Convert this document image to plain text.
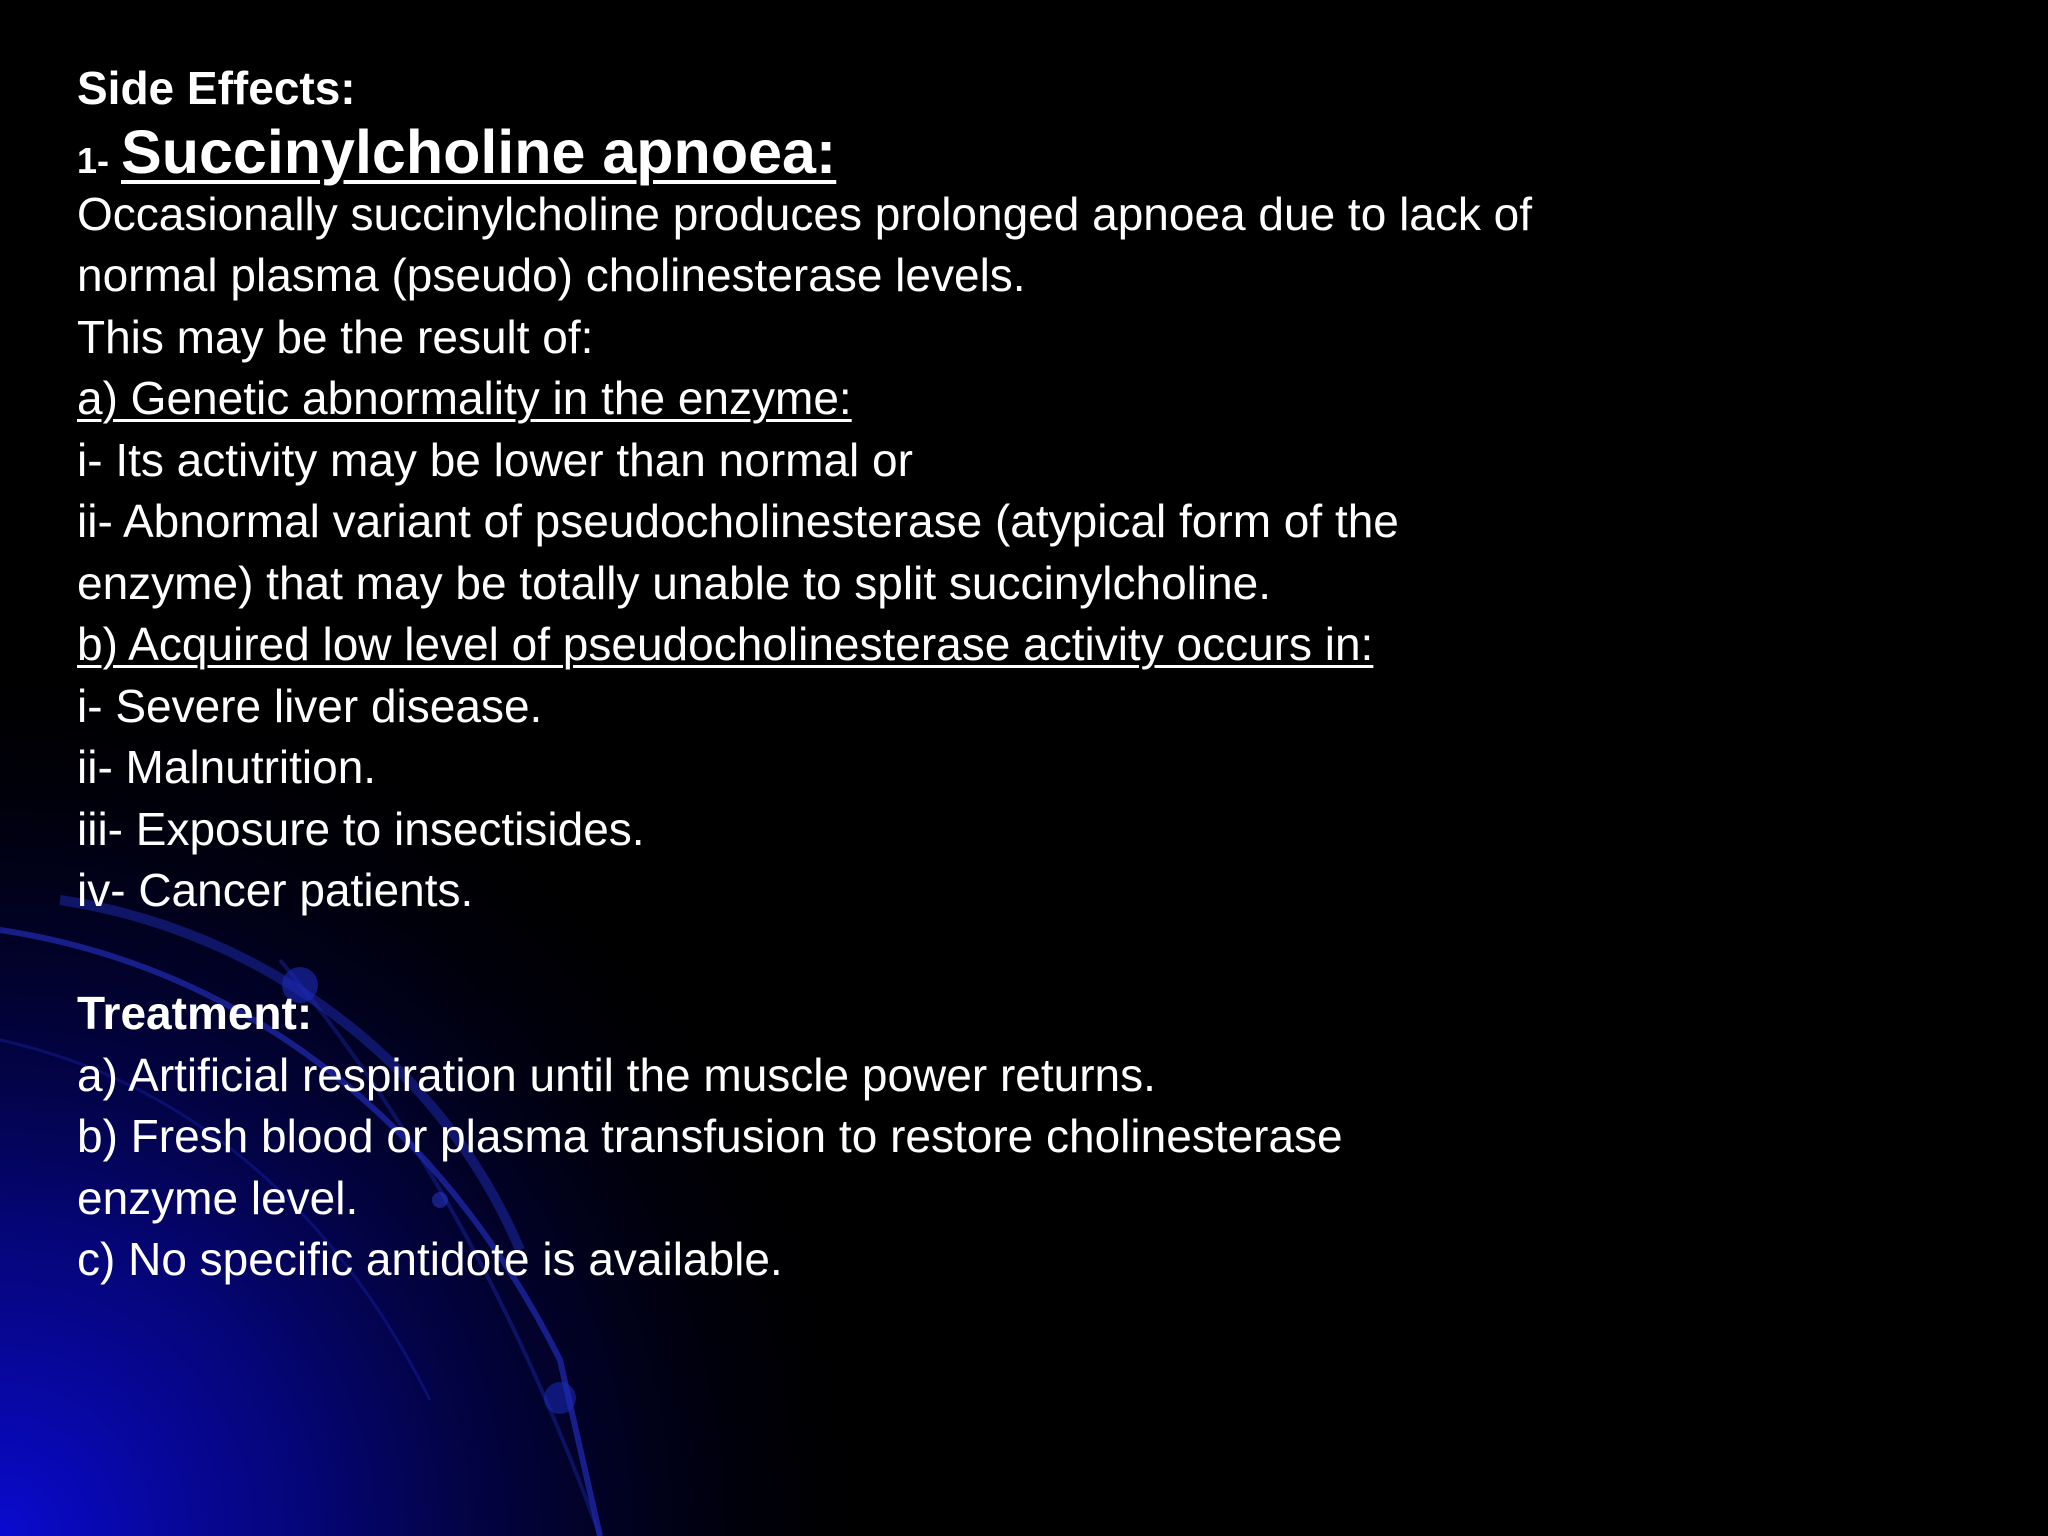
Side Effects:
1- Succinylcholine apnoea:
Occasionally succinylcholine produces prolonged apnoea due to lack of
normal plasma (pseudo) cholinesterase levels.
This may be the result of:
a) Genetic abnormality in the enzyme:
i- Its activity may be lower than normal or
ii- Abnormal variant of pseudocholinesterase (atypical form of the
enzyme) that may be totally unable to split succinylcholine.
b) Acquired low level of pseudocholinesterase activity occurs in:
i- Severe liver disease.
ii- Malnutrition.
iii- Exposure to insectisides.
iv- Cancer patients.
Treatment:
a) Artificial respiration until the muscle power returns.
b) Fresh blood or plasma transfusion to restore cholinesterase
enzyme level.
c) No specific antidote is available.
